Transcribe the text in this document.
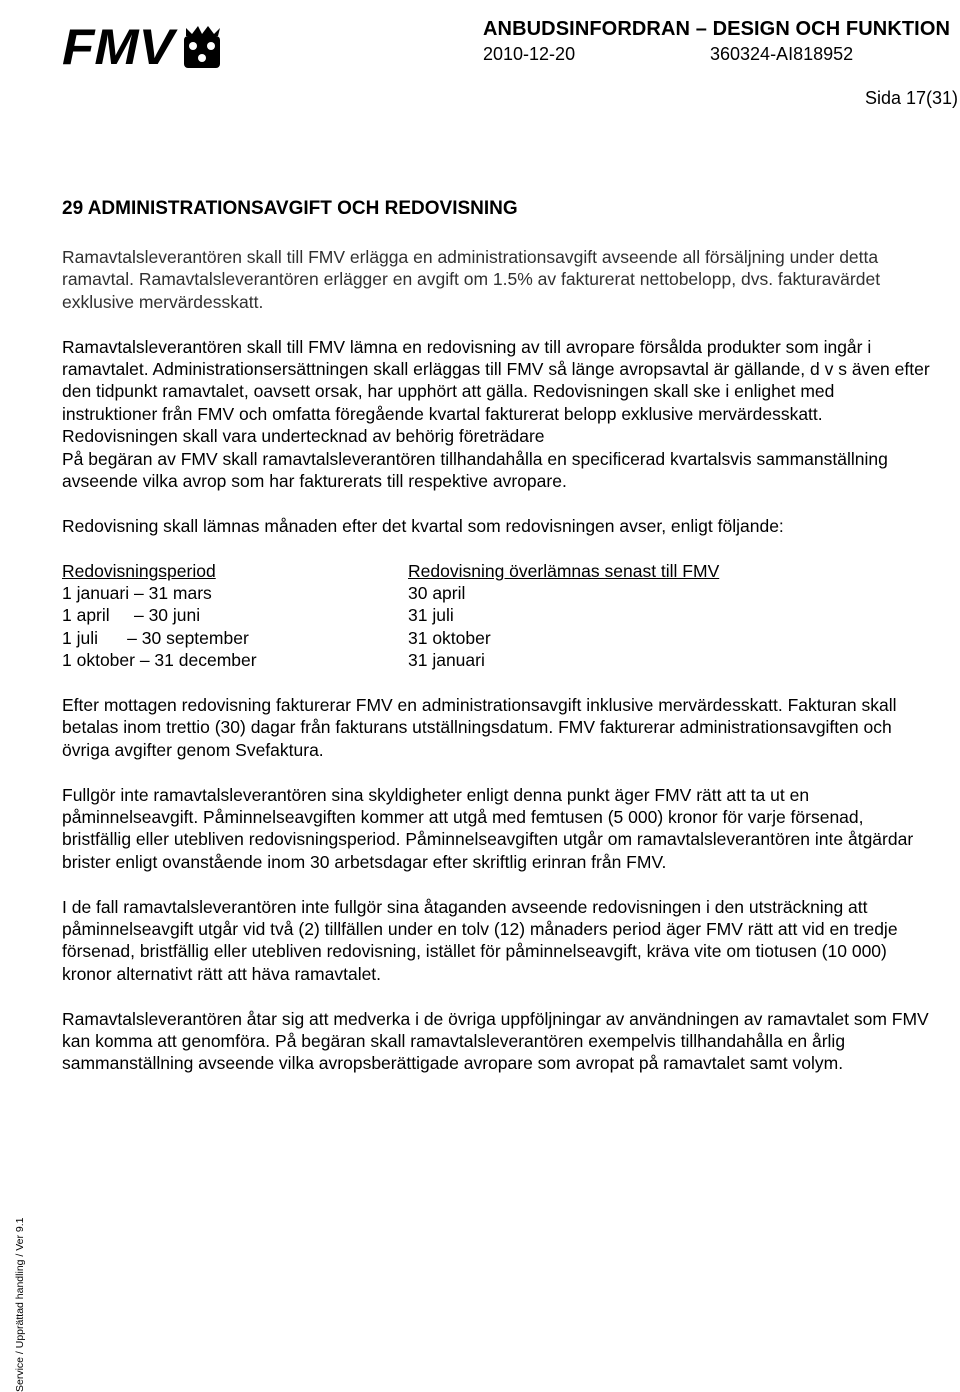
FMV	ANBUDSINFORDRAN – DESIGN OCH FUNKTION
2010-12-20	360324-AI818952
Sida 17(31)
29 ADMINISTRATIONSAVGIFT OCH REDOVISNING

Ramavtalsleverantören skall till FMV erlägga en administrationsavgift avseende all försäljning under detta ramavtal. Ramavtalsleverantören erlägger en avgift om 1.5% av fakturerat nettobelopp, dvs. fakturavärdet exklusive mervärdesskatt.

Ramavtalsleverantören skall till FMV lämna en redovisning av till avropare försålda produkter som ingår i ramavtalet. Administrationsersättningen skall erläggas till FMV så länge avropsavtal är gällande, d v s även efter den tidpunkt ramavtalet, oavsett orsak, har upphört att gälla. Redovisningen skall ske i enlighet med instruktioner från FMV och omfatta föregående kvartal fakturerat belopp exklusive mervärdesskatt. Redovisningen skall vara undertecknad av behörig företrädare

På begäran av FMV skall ramavtalsleverantören tillhandahålla en specificerad kvartalsvis sammanställning avseende vilka avrop som har fakturerats till respektive avropare.

Redovisning skall lämnas månaden efter det kvartal som redovisningen avser, enligt följande:

Redovisningsperiod	Redovisning överlämnas senast till FMV
1 januari – 31 mars	30 april
1 april     – 30 juni	31 juli
1 juli      – 30 september	31 oktober
1 oktober – 31 december	31 januari

Efter mottagen redovisning fakturerar FMV en administrationsavgift inklusive mervärdesskatt. Fakturan skall betalas inom trettio (30) dagar från fakturans utställningsdatum. FMV fakturerar administrationsavgiften och övriga avgifter genom Svefaktura.

Fullgör inte ramavtalsleverantören sina skyldigheter enligt denna punkt äger FMV rätt att ta ut en påminnelseavgift. Påminnelseavgiften kommer att utgå med femtusen (5 000) kronor för varje försenad, bristfällig eller utebliven redovisningsperiod. Påminnelseavgiften utgår om ramavtalsleverantören inte åtgärdar brister enligt ovanstående inom 30 arbetsdagar efter skriftlig erinran från FMV.

I de fall ramavtalsleverantören inte fullgör sina åtaganden avseende redovisningen i den utsträckning att påminnelseavgift utgår vid två (2) tillfällen under en tolv (12) månaders period äger FMV rätt att vid en tredje försenad, bristfällig eller utebliven redovisning, istället för påminnelseavgift, kräva vite om tiotusen (10 000) kronor alternativt rätt att häva ramavtalet.

Ramavtalsleverantören åtar sig att medverka i de övriga uppföljningar av användningen av ramavtalet som FMV kan komma att genomföra. På begäran skall ramavtalsleverantören exempelvis tillhandahålla en årlig sammanställning avseende vilka avropsberättigade avropare som avropat på ramavtalet samt volym.

Service / Upprättad handling / Ver 9.1
